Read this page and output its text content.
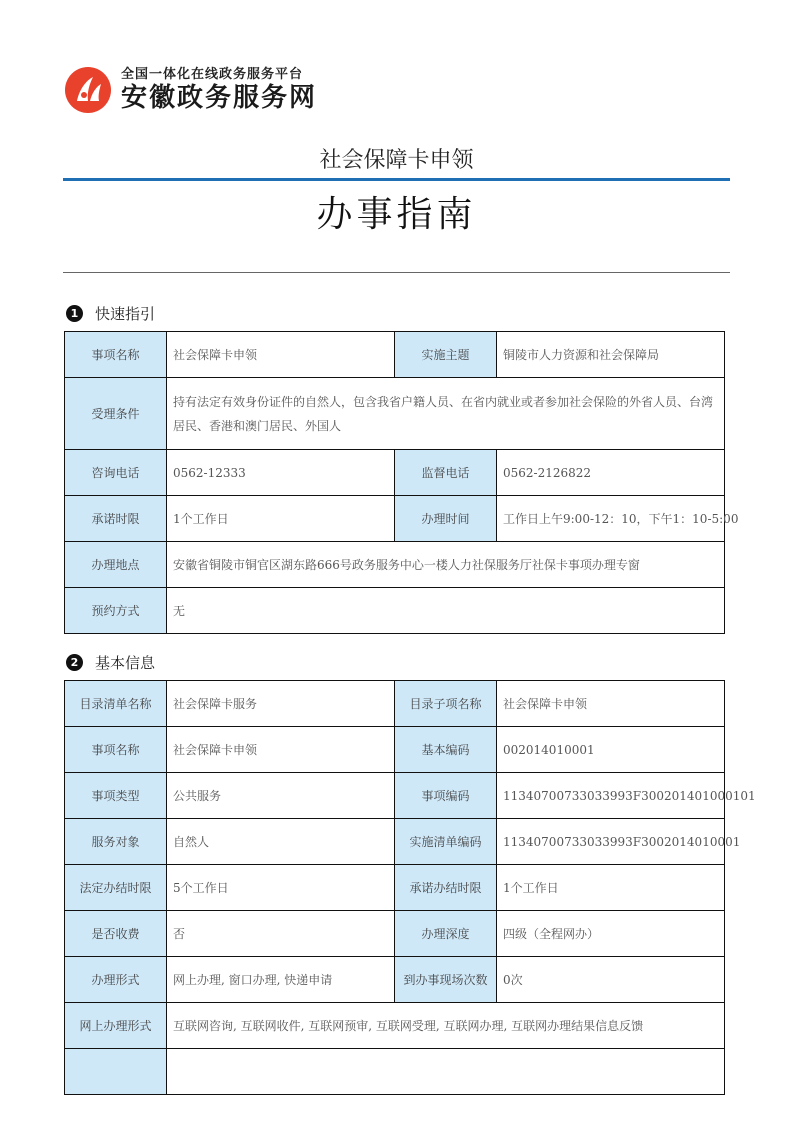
全国一体化在线政务服务平台
安徽政务服务网
社会保障卡申领
办事指南
1	快速指引
事项名称	社会保障卡申领	实施主题	铜陵市人力资源和社会保障局
受理条件	持有法定有效身份证件的自然人，包含我省户籍人员、在省内就业或者参加社会保险的外省人员、台湾居民、香港和澳门居民、外国人		
咨询电话	0562-12333	监督电话	0562-2126822
承诺时限	1个工作日	办理时间	工作日上午9:00-12：10，下午1：10-5:00
办理地点	安徽省铜陵市铜官区湖东路666号政务服务中心一楼人力社保服务厅社保卡事项办理专窗		
预约方式	无		
2	基本信息
目录清单名称	社会保障卡服务	目录子项名称	社会保障卡申领
事项名称	社会保障卡申领	基本编码	002014010001
事项类型	公共服务	事项编码	11340700733033993F300201401000101
服务对象	自然人	实施清单编码	11340700733033993F3002014010001
法定办结时限	5个工作日	承诺办结时限	1个工作日
是否收费	否	办理深度	四级（全程网办）
办理形式	网上办理, 窗口办理, 快递申请	到办事现场次数	0次
网上办理形式	互联网咨询, 互联网收件, 互联网预审, 互联网受理, 互联网办理, 互联网办理结果信息反馈		
